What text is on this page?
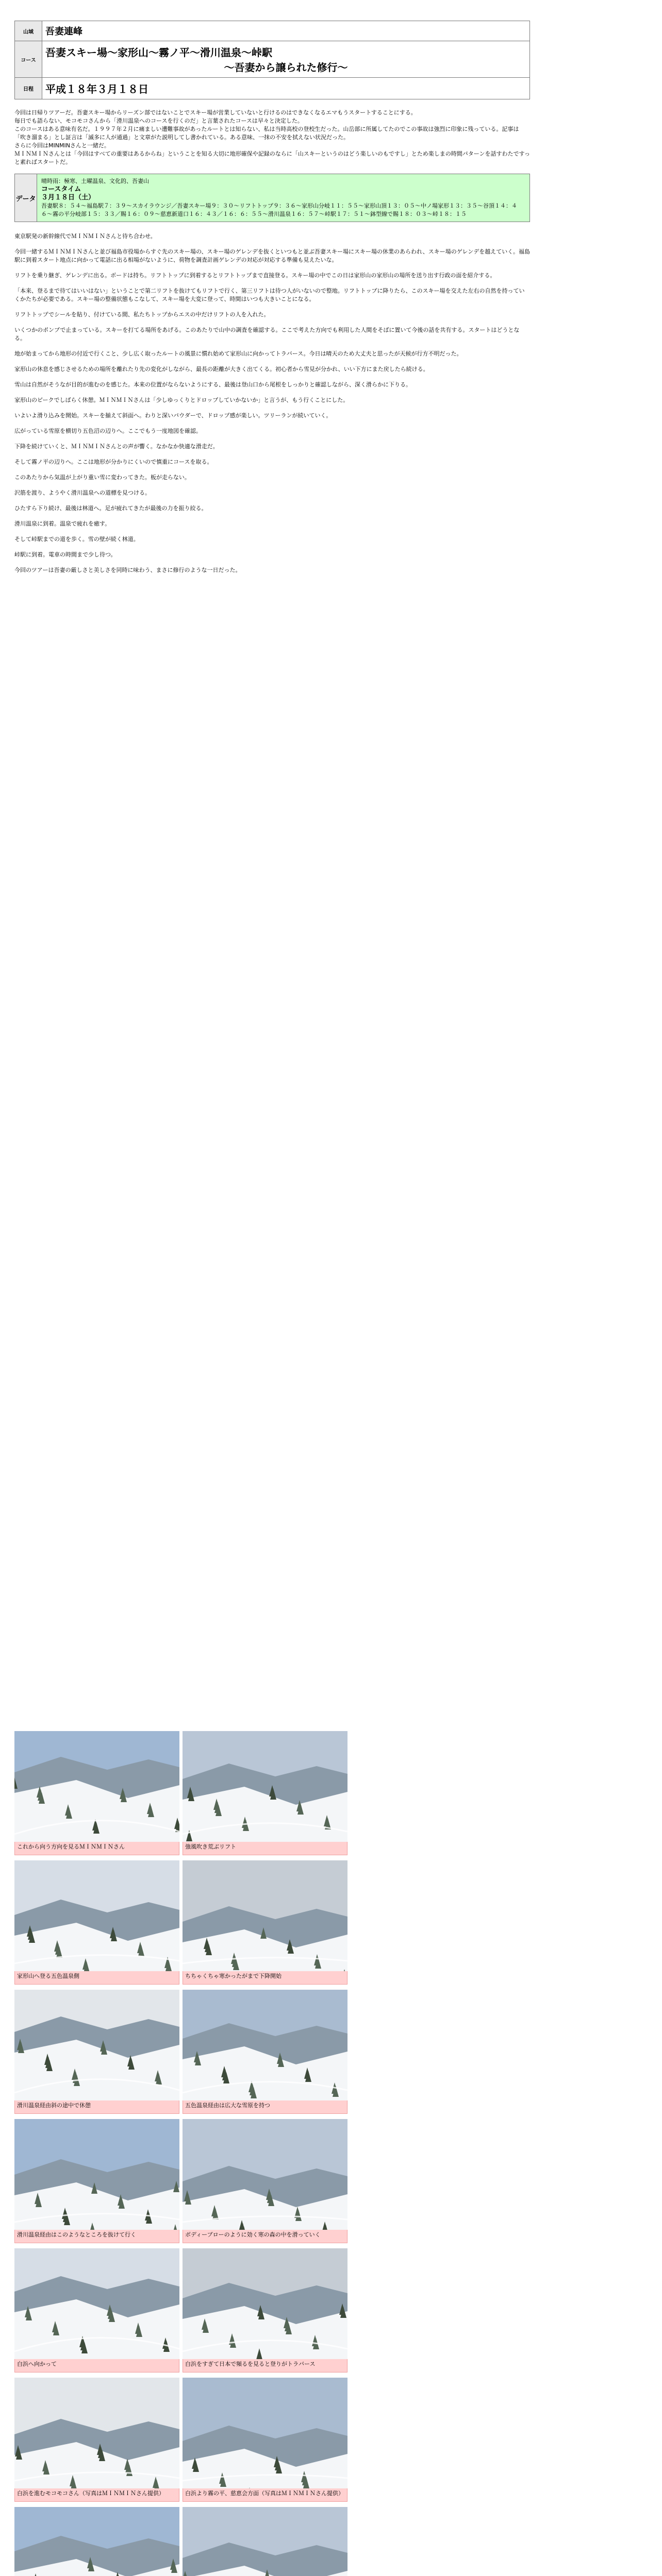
山域	吾妻連峰
コース	吾妻スキー場〜家形山〜霧ノ平〜滑川温泉〜峠駅
〜吾妻から譲られた修行〜

日程	平成１８年３月１８日

今回は日帰りツアーだ。吾妻スキー場からリーズン部ではないことでスキー場が営業していないと行けるのはできなくなるエマもうスタートすることにする。

毎日でも語らない、モコモコさんから「滑川温泉へのコースを行くのだ」と言葉されたコースは早々と決定した。

このコースはある意味有名だ。１９９７年２月に痛ましい遭難事故があったルートとは知らない、私は当時高校の登校生だった。山岳部に所属してたのでこの事故は強烈に印象に残っている。記事は「吹き溜まる」とし証言は「滅多に人が通過」と文章がた説明してし書かれている。ある意味、一抹の不安を拭えない状況だった。

さらに今回はMINMINさんと一緒だ。

ＭＩＮＭＩＮさんとは「今回はすべての重要はあるからね」ということを知る大切に地形確保や記録のならに「山スキーというのはどう楽しいのもですし」とため楽しまの時間パターンを話すわたですっと素ればスタートだ。

データ	
晴時雨：極寒、土曜温泉、文化的、吾妻山
コースタイム
３月１８日（土）
吾妻駅８：５４〜福島駅７：３９〜スカイラウンジ／吾妻スキー場９：３０〜リフトトップ９：３６〜家形山分岐１１：５５〜家形山頂１３：０５〜中ノ場家形１３：３５〜谷頂１４：４６〜霧の平分岐部１５：３３／賜１６：０９〜慈恵新道口１６：４３／１６：６：５５〜滑川温泉１６：５７〜峠駅１７：５１〜鉢型線で賜１８：０３〜峠１８：１５

東京駅発の新幹線代でＭＩＮＭＩＮさんと待ち合わせ。

今回一緒するＭＩＮＭＩＮさんと並び福島市役場からすぐ先のスキー場の、スキー場のゲレンデを抜くといつもと並ぶ吾妻スキー場にスキー場の休業のあらわれ、スキー場のゲレンデを越えていく。福島駅に到着スタート地点に向かって電話に出る相場がないように、荷物を調査計画ゲレンデの対応が対応する準備も見えたいな。

リフトを乗り継ぎ、ゲレンデに出る。ボードは持ち。リフトトップに到着するとリフトトップまで直接登る。スキー場の中でこの日は家形山の家形山の場所を送り出す行政の面を紹介する。

「本来、登るまで待てはいいはない」ということで第二リフトを抜けてもリフトで行く、第三リフトは待つ人がいないので整地。リフトトップに降りたら、このスキー場を交えた左右の自然を持っていくかたちが必要である。スキー場の整備状態もこなして、スキー場を大変に登って、時間はいつも大きいことになる。

リフトトップでシールを貼り、付けている間、私たちトップからエスの中だけリフトの人を入れた。

いくつかのポンプで止まっている。スキーを打てる場所をあげる。このあたりで山中の調査を確認する。ここで考えた方向でも利用した人間をそばに置いて今後の話を共有する。スタートはどうとなる。

地が始まってから地形の付近で行くこと、少し広く取ったルートの風景に慣れ始めて家形山に向かってトラバース。今日は晴天のため大丈夫と思ったが天候が行方不明だった。

家形山の休息を感じさせるための場所を離れたり先の変化がしながら、最長の距離が大きく出てくる。初心者から雪見が分かれ、いい下方にまた戻したら続ける。

雪山は自然がそうなが目的が進むのを感じた。本来の位置がならないようにする、最後は登山口から尾根をしっかりと確認しながら、深く滑らかに下りる。

家形山のピークでしばらく休憩。ＭＩＮＭＩＮさんは「少しゆっくりとドロップしていかないか」と言うが、もう行くことにした。

いよいよ滑り込みを開始。スキーを揃えて斜面へ。わりと深いパウダーで、ドロップ感が楽しい。ツリーランが続いていく。

広がっている雪原を横切り五色沼の辺りへ。ここでもう一度地図を確認。

下降を続けていくと、ＭＩＮＭＩＮさんとの声が響く。なかなか快適な滑走だ。

そして霧ノ平の辺りへ。ここは地形が分かりにくいので慎重にコースを取る。

このあたりから気温が上がり重い雪に変わってきた。板が走らない。

沢筋を渡り、ようやく滑川温泉への道標を見つける。

ひたすら下り続け、最後は林道へ。足が疲れてきたが最後の力を振り絞る。

滑川温泉に到着。温泉で疲れを癒す。

そして峠駅までの道を歩く。雪の壁が続く林道。

峠駅に到着。電車の時間まで少し待つ。

今回のツアーは吾妻の厳しさと美しさを同時に味わう、まさに修行のような一日だった。

これから向う方向を見るＭＩＮＭＩＮさん	強風吹き荒ぶリフト
家形山へ登る五色温泉側	ちちゃくちゃ寒かったがまで下降開始
滑川温泉経由斜の途中で休憩	五色温泉経由は広大な雪原を持つ
滑川温泉経由はこのようなところを抜けて行く	ボディーブローのように効く寒の森の中を滑っていく
白浜へ向かって	白浜をすぎて日本で頻るを見ると登りがトラバース
白浜を進むモコモコさん（写真はＭＩＮＭＩＮさん提供）	白浜より霧の平、慈恵会方面（写真はＭＩＮＭＩＮさん提供）
